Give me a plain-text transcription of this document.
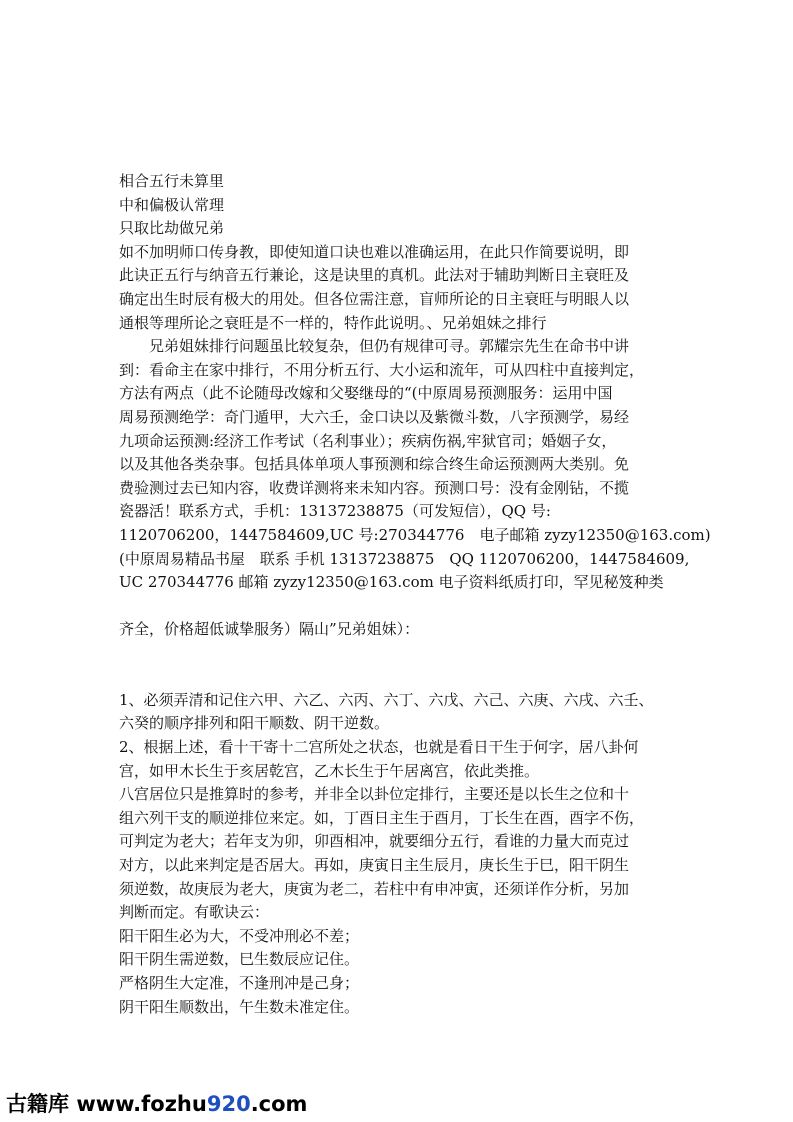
相合五行未算里
中和偏极认常理
只取比劫做兄弟
如不加明师口传身教，即使知道口诀也难以准确运用，在此只作简要说明，即
此诀正五行与纳音五行兼论，这是诀里的真机。此法对于辅助判断日主衰旺及
确定出生时辰有极大的用处。但各位需注意，盲师所论的日主衰旺与明眼人以
通根等理所论之衰旺是不一样的，特作此说明。、兄弟姐妹之排行
兄弟姐妹排行问题虽比较复杂，但仍有规律可寻。郭耀宗先生在命书中讲
到：看命主在家中排行，不用分析五行、大小运和流年，可从四柱中直接判定，
方法有两点（此不论随母改嫁和父娶继母的“(中原周易预测服务：运用中国
周易预测绝学：奇门遁甲，大六壬，金口诀以及紫微斗数，八字预测学，易经
九项命运预测:经济工作考试（名利事业）；疾病伤祸,牢狱官司；婚姻子女，
以及其他各类杂事。包括具体单项人事预测和综合终生命运预测两大类别。免
费验测过去已知内容，收费详测将来未知内容。预测口号：没有金刚钻，不揽
瓷器活！联系方式，手机：13137238875（可发短信），QQ 号:
1120706200，1447584609,UC 号:270344776　电子邮箱 zyzy12350@163.com)
(中原周易精品书屋　联系 手机 13137238875　QQ 1120706200，1447584609,
UC 270344776 邮箱 zyzy12350@163.com 电子资料纸质打印，罕见秘笈种类
齐全，价格超低诚挚服务）隔山”兄弟姐妹）：
1、必须弄清和记住六甲、六乙、六丙、六丁、六戊、六己、六庚、六戌、六壬、
六癸的顺序排列和阳干顺数、阴干逆数。
2、根据上述，看十干寄十二宫所处之状态，也就是看日干生于何字，居八卦何
宫，如甲木长生于亥居乾宫，乙木长生于午居离宫，依此类推。
八宫居位只是推算时的参考，并非全以卦位定排行，主要还是以长生之位和十
组六列干支的顺逆排位来定。如，丁酉日主生于酉月，丁长生在酉，酉字不伤，
可判定为老大；若年支为卯，卯酉相冲，就要细分五行，看谁的力量大而克过
对方，以此来判定是否居大。再如，庚寅日主生辰月，庚长生于巳，阳干阴生
须逆数，故庚辰为老大，庚寅为老二，若柱中有申冲寅，还须详作分析，另加
判断而定。有歌诀云：
阳干阳生必为大，不受冲刑必不差；
阳干阴生需逆数，巳生数辰应记住。
严格阴生大定准，不逢刑冲是己身；
阴干阳生顺数出，午生数未准定住。
古籍库 www.fozhu920.com
